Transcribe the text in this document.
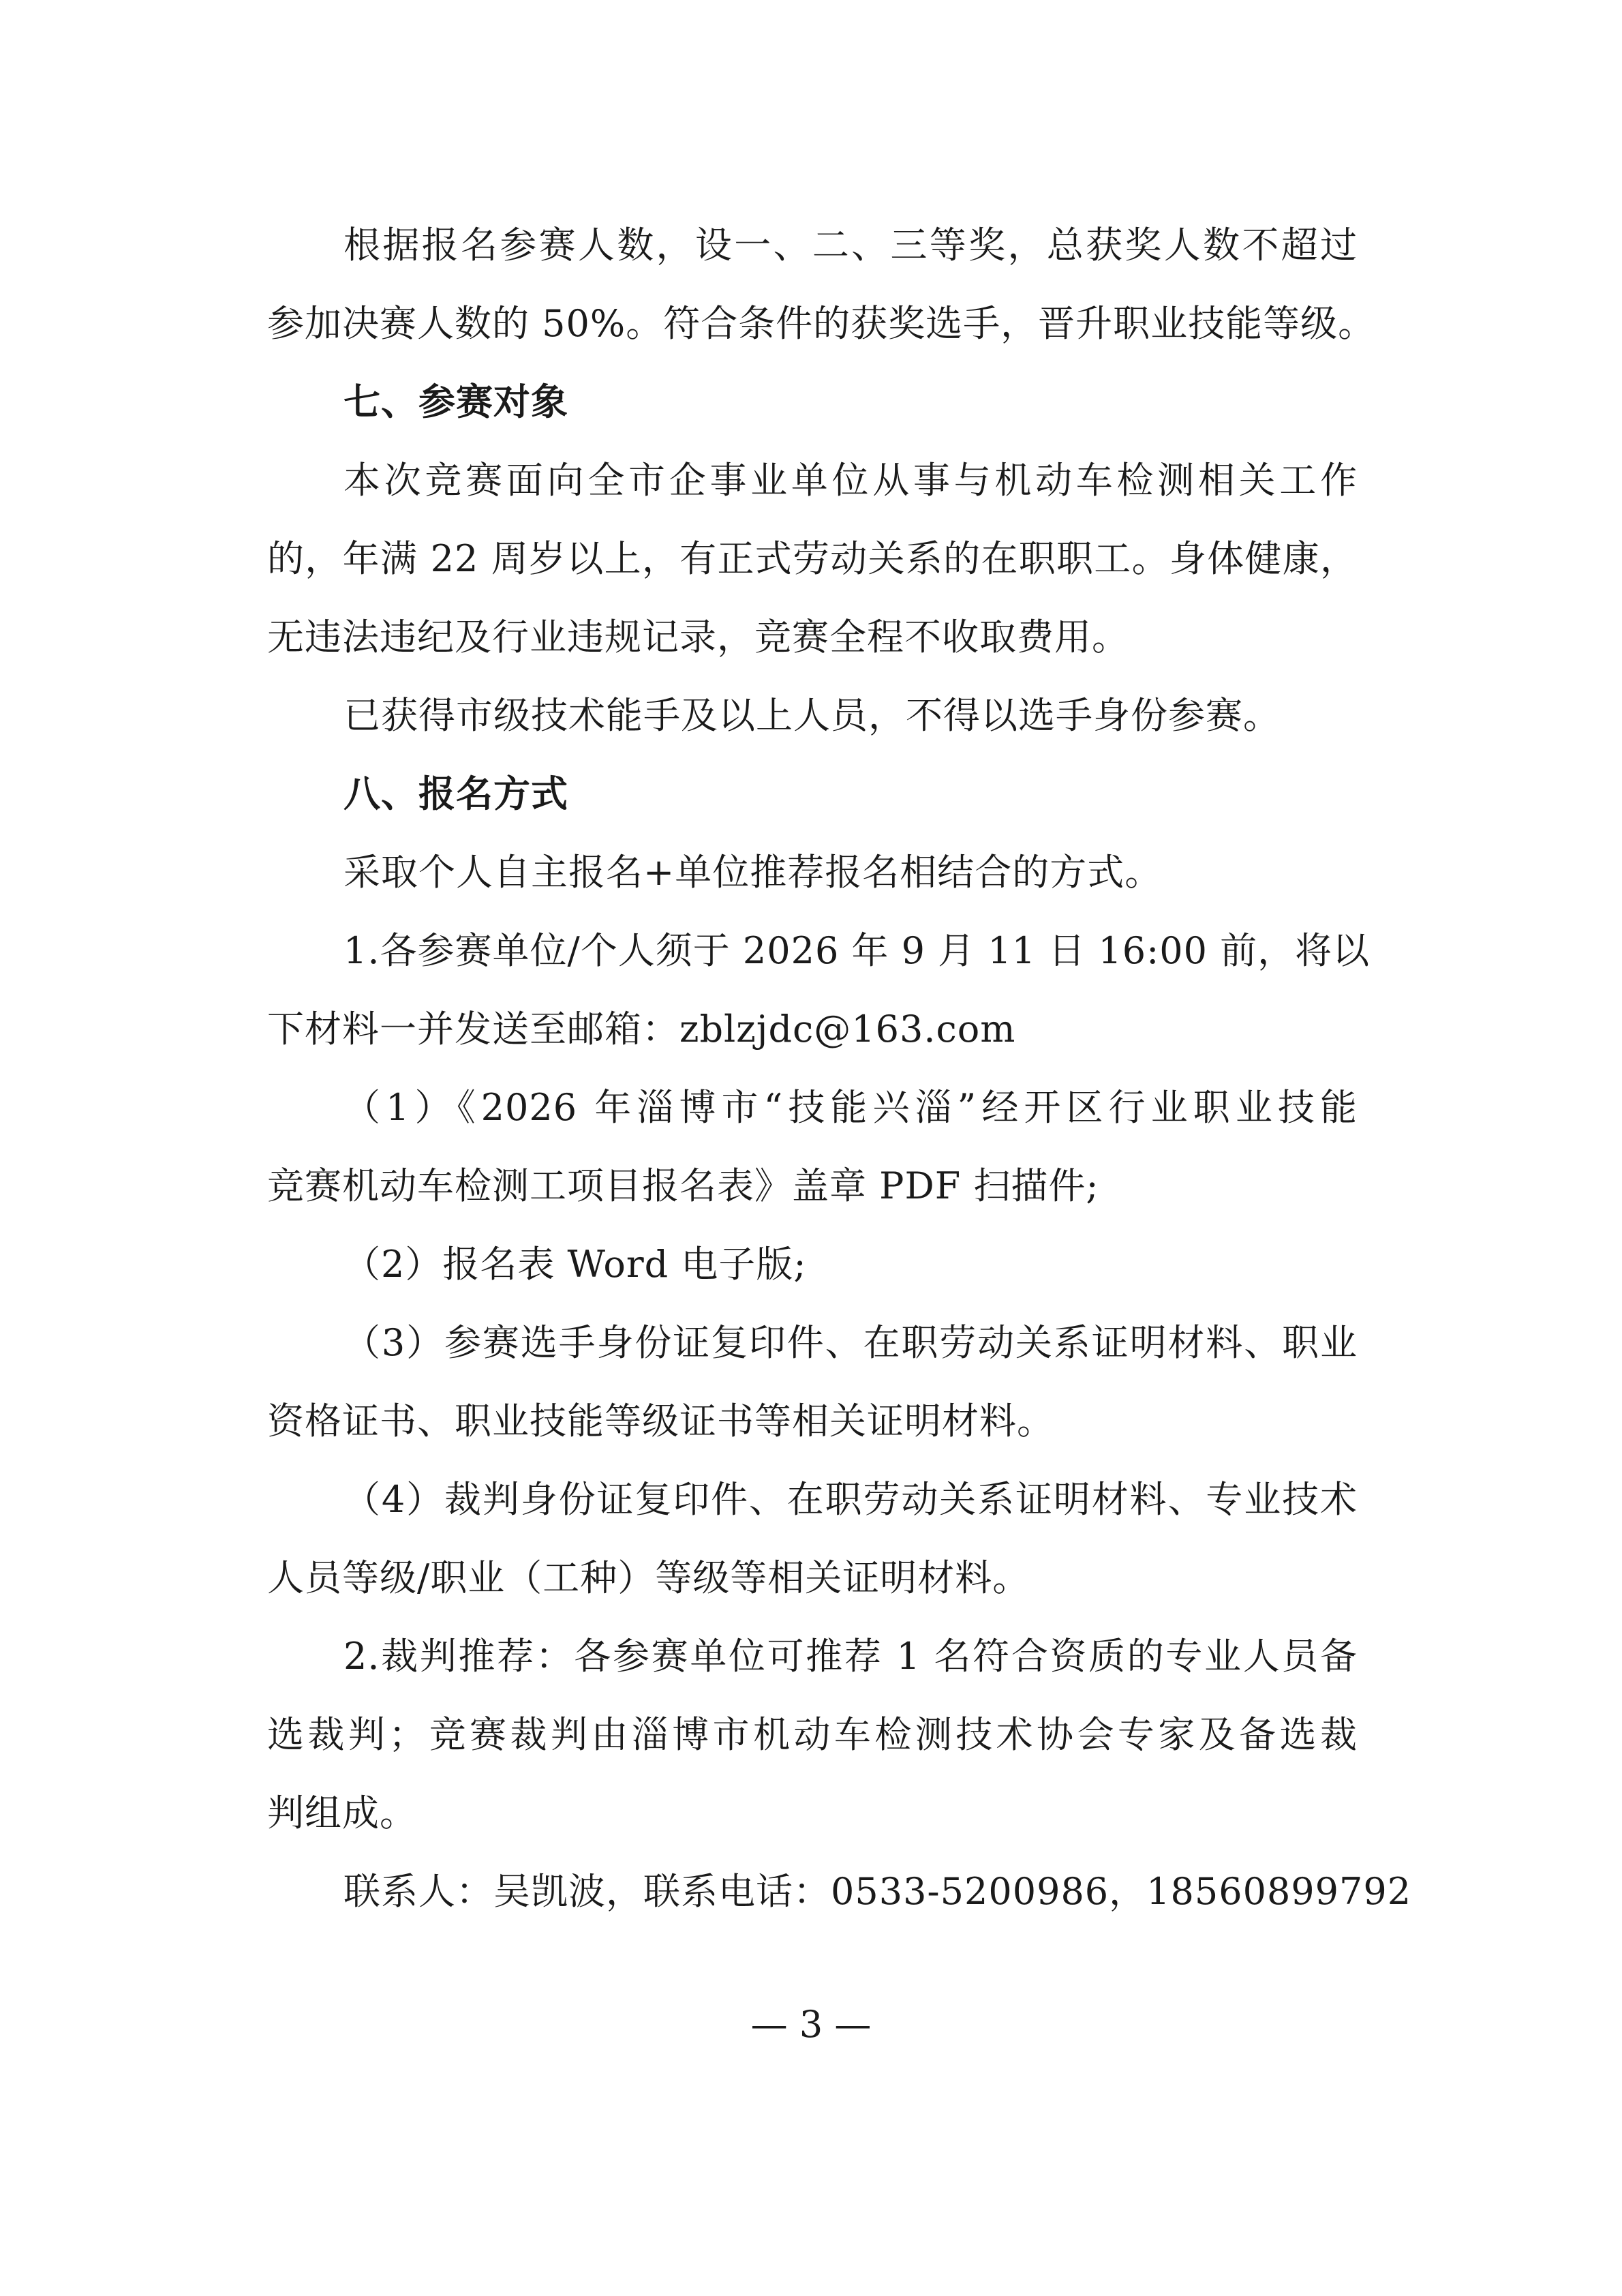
根据报名参赛人数，设一、二、三等奖，总获奖人数不超过
参加决赛人数的 50%。符合条件的获奖选手，晋升职业技能等级。
七、参赛对象
本次竞赛面向全市企事业单位从事与机动车检测相关工作
的，年满 22 周岁以上，有正式劳动关系的在职职工。身体健康，
无违法违纪及行业违规记录，竞赛全程不收取费用。
已获得市级技术能手及以上人员，不得以选手身份参赛。
八、报名方式
采取个人自主报名+单位推荐报名相结合的方式。
1.各参赛单位/个人须于 2026 年 9 月 11 日 16:00 前，将以
下材料一并发送至邮箱：zblzjdc@163.com
（1）《2026 年淄博市“技能兴淄”经开区行业职业技能
竞赛机动车检测工项目报名表》盖章 PDF 扫描件;
（2）报名表 Word 电子版;
（3）参赛选手身份证复印件、在职劳动关系证明材料、职业
资格证书、职业技能等级证书等相关证明材料。
（4）裁判身份证复印件、在职劳动关系证明材料、专业技术
人员等级/职业（工种）等级等相关证明材料。
2.裁判推荐：各参赛单位可推荐 1 名符合资质的专业人员备
选裁判；竞赛裁判由淄博市机动车检测技术协会专家及备选裁
判组成。
联系人：吴凯波，联系电话：0533-5200986，18560899792
— 3 —
